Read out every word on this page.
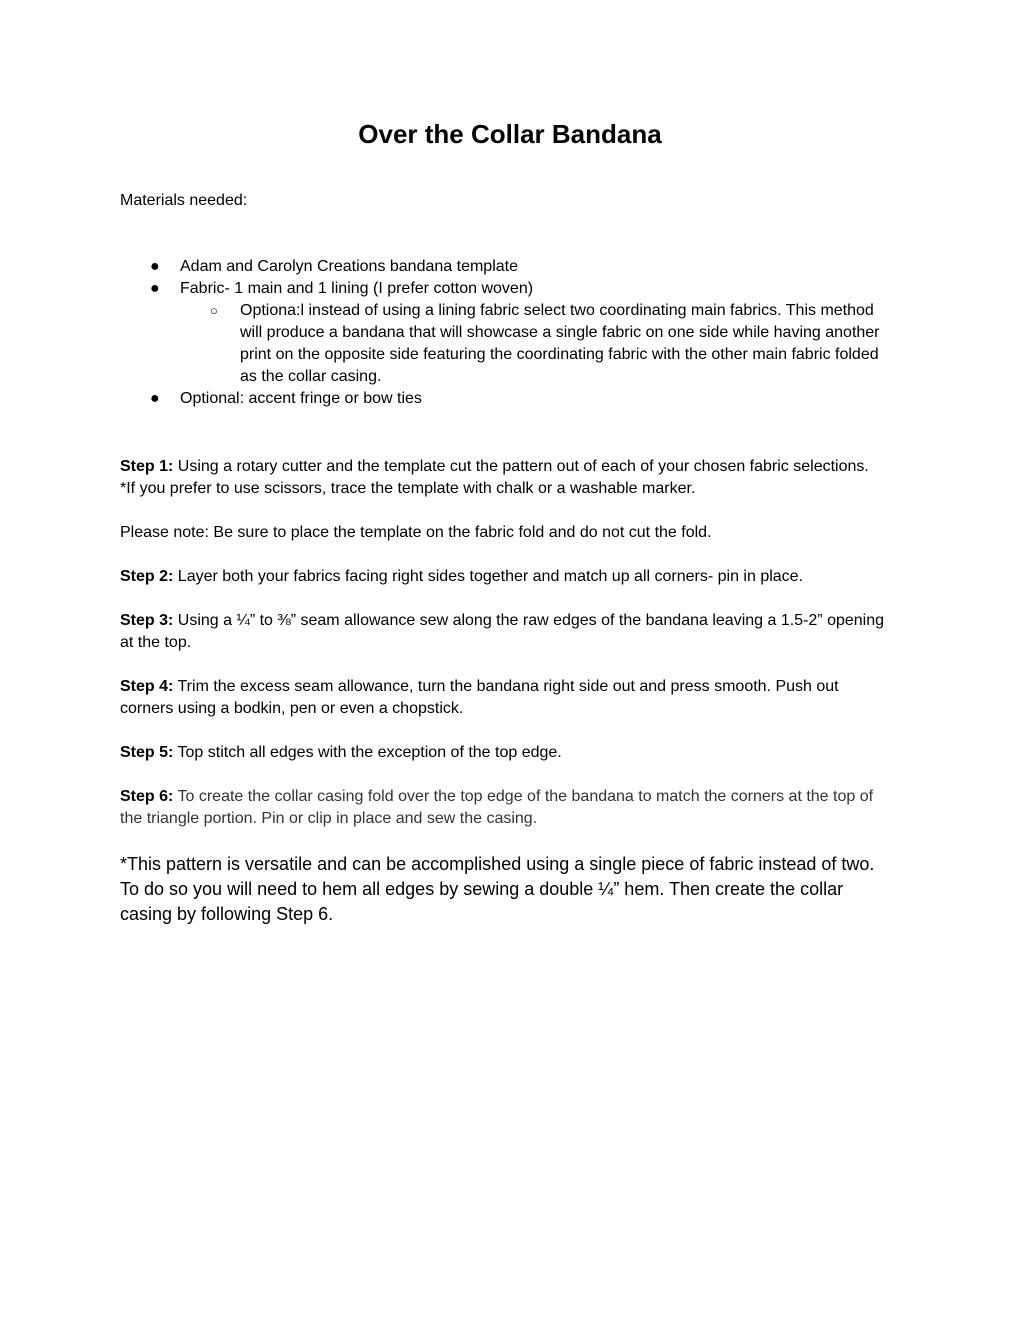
Over the Collar Bandana
Materials needed:
● Adam and Carolyn Creations bandana template
● Fabric- 1 main and 1 lining (I prefer cotton woven)
○ Optiona:l instead of using a lining fabric select two coordinating main fabrics. This method will produce a bandana that will showcase a single fabric on one side while having another print on the opposite side featuring the coordinating fabric with the other main fabric folded as the collar casing.
● Optional: accent fringe or bow ties

Step 1: Using a rotary cutter and the template cut the pattern out of each of your chosen fabric selections.
*If you prefer to use scissors, trace the template with chalk or a washable marker.

Please note: Be sure to place the template on the fabric fold and do not cut the fold.

Step 2: Layer both your fabrics facing right sides together and match up all corners- pin in place.

Step 3: Using a ¼” to ⅜” seam allowance sew along the raw edges of the bandana leaving a 1.5-2” opening at the top.

Step 4: Trim the excess seam allowance, turn the bandana right side out and press smooth. Push out corners using a bodkin, pen or even a chopstick.

Step 5: Top stitch all edges with the exception of the top edge.

Step 6: To create the collar casing fold over the top edge of the bandana to match the corners at the top of the triangle portion. Pin or clip in place and sew the casing.

*This pattern is versatile and can be accomplished using a single piece of fabric instead of two. To do so you will need to hem all edges by sewing a double ¼” hem. Then create the collar casing by following Step 6.
